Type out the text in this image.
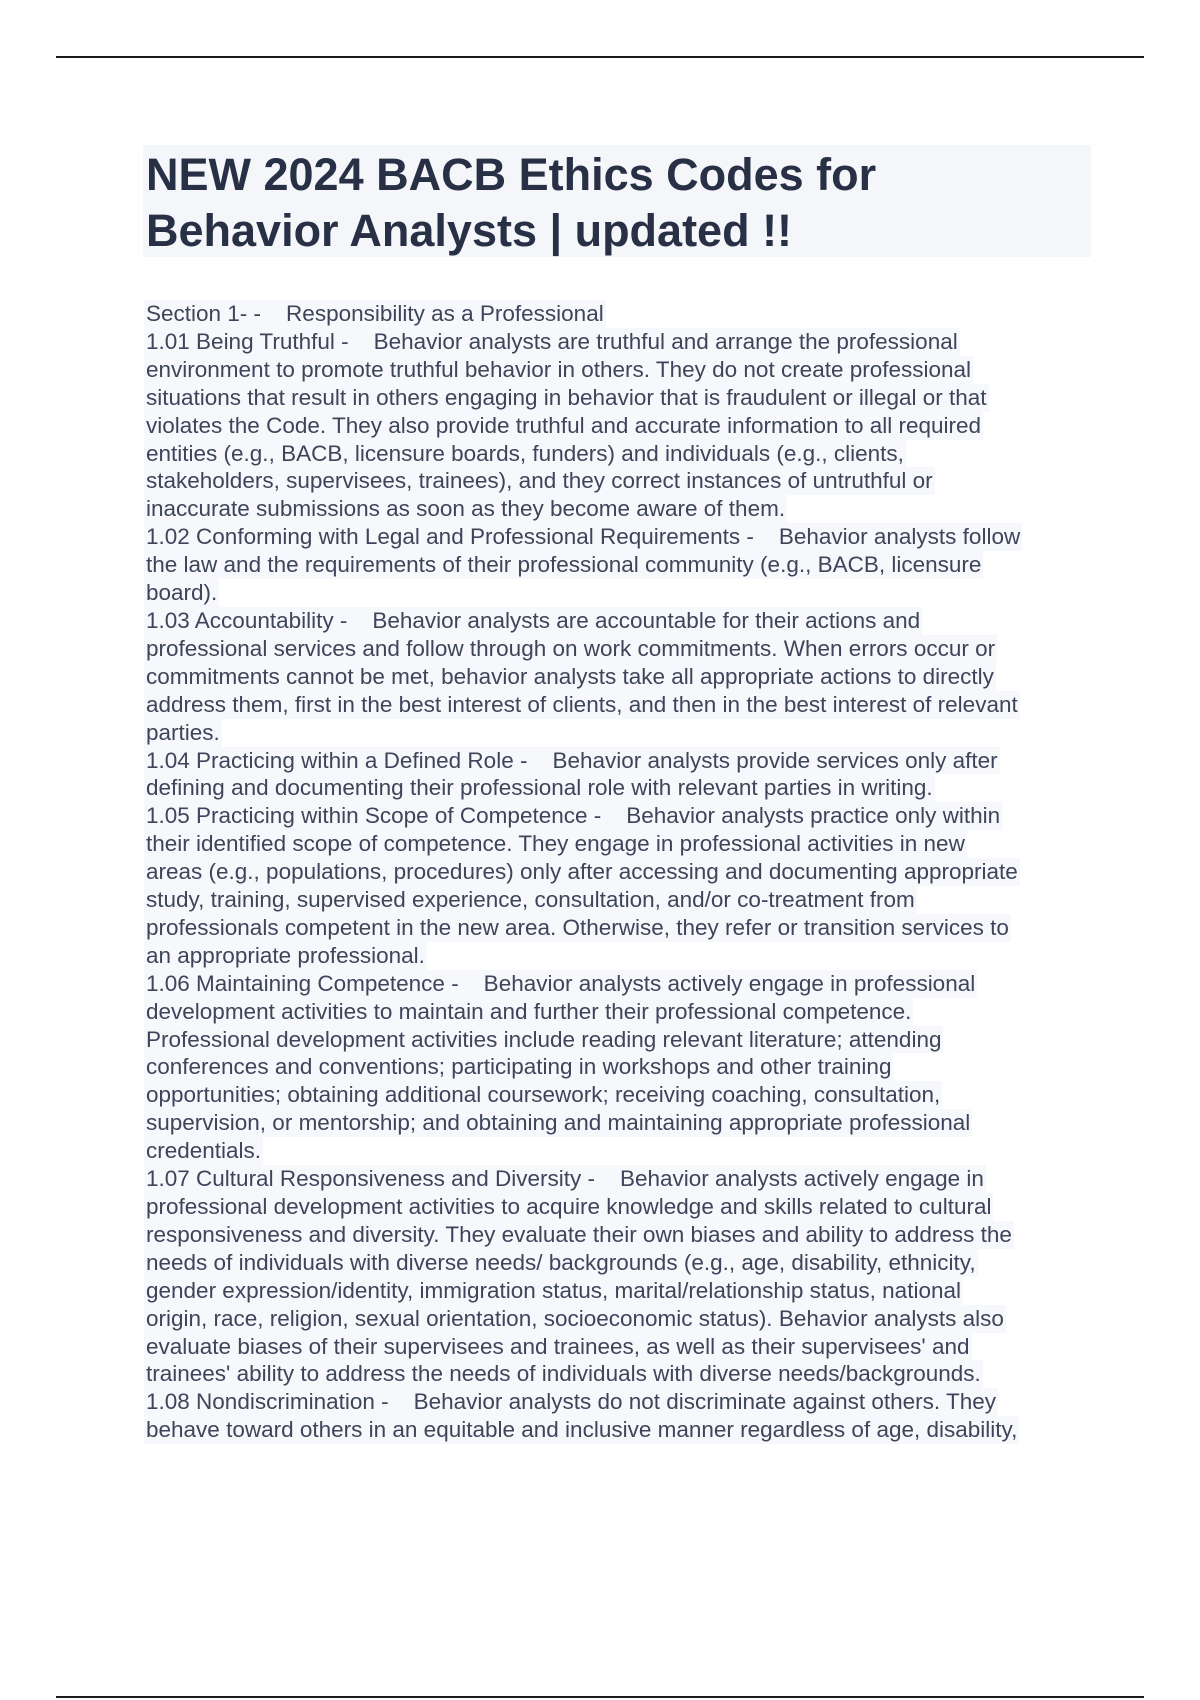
NEW 2024 BACB Ethics Codes for
Behavior Analysts | updated !!
Section 1- -    Responsibility as a Professional
1.01 Being Truthful -    Behavior analysts are truthful and arrange the professional
environment to promote truthful behavior in others. They do not create professional
situations that result in others engaging in behavior that is fraudulent or illegal or that
violates the Code. They also provide truthful and accurate information to all required
entities (e.g., BACB, licensure boards, funders) and individuals (e.g., clients,
stakeholders, supervisees, trainees), and they correct instances of untruthful or
inaccurate submissions as soon as they become aware of them.
1.02 Conforming with Legal and Professional Requirements -    Behavior analysts follow
the law and the requirements of their professional community (e.g., BACB, licensure
board).
1.03 Accountability -    Behavior analysts are accountable for their actions and
professional services and follow through on work commitments. When errors occur or
commitments cannot be met, behavior analysts take all appropriate actions to directly
address them, first in the best interest of clients, and then in the best interest of relevant
parties.
1.04 Practicing within a Defined Role -    Behavior analysts provide services only after
defining and documenting their professional role with relevant parties in writing.
1.05 Practicing within Scope of Competence -    Behavior analysts practice only within
their identified scope of competence. They engage in professional activities in new
areas (e.g., populations, procedures) only after accessing and documenting appropriate
study, training, supervised experience, consultation, and/or co-treatment from
professionals competent in the new area. Otherwise, they refer or transition services to
an appropriate professional.
1.06 Maintaining Competence -    Behavior analysts actively engage in professional
development activities to maintain and further their professional competence.
Professional development activities include reading relevant literature; attending
conferences and conventions; participating in workshops and other training
opportunities; obtaining additional coursework; receiving coaching, consultation,
supervision, or mentorship; and obtaining and maintaining appropriate professional
credentials.
1.07 Cultural Responsiveness and Diversity -    Behavior analysts actively engage in
professional development activities to acquire knowledge and skills related to cultural
responsiveness and diversity. They evaluate their own biases and ability to address the
needs of individuals with diverse needs/ backgrounds (e.g., age, disability, ethnicity,
gender expression/identity, immigration status, marital/relationship status, national
origin, race, religion, sexual orientation, socioeconomic status). Behavior analysts also
evaluate biases of their supervisees and trainees, as well as their supervisees' and
trainees' ability to address the needs of individuals with diverse needs/backgrounds.
1.08 Nondiscrimination -    Behavior analysts do not discriminate against others. They
behave toward others in an equitable and inclusive manner regardless of age, disability,
